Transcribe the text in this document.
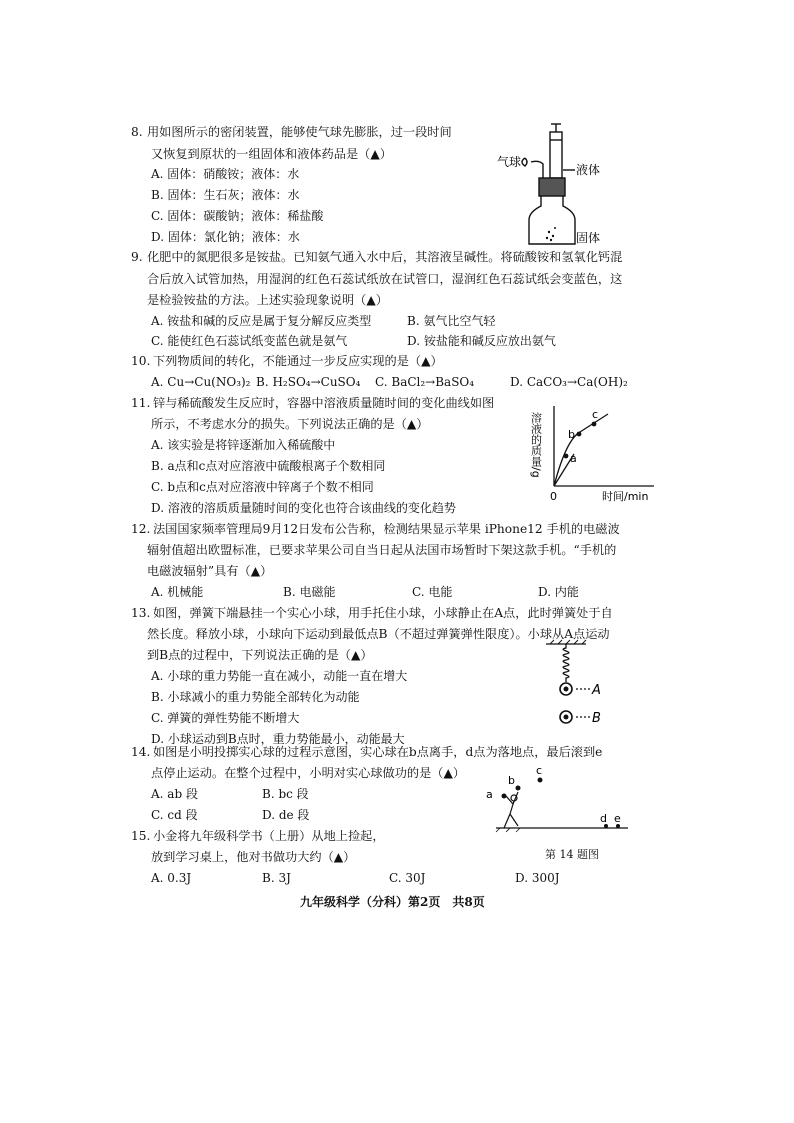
8. 用如图所示的密闭装置，能够使气球先膨胀，过一段时间
又恢复到原状的一组固体和液体药品是（▲）
A. 固体：硝酸铵；液体：水
B. 固体：生石灰；液体：水
C. 固体：碳酸钠；液体：稀盐酸
D. 固体：氯化钠；液体：水
气球
液体
固体
9. 化肥中的氮肥很多是铵盐。已知氨气通入水中后，其溶液呈碱性。将硫酸铵和氢氧化钙混
合后放入试管加热，用湿润的红色石蕊试纸放在试管口，湿润红色石蕊试纸会变蓝色，这
是检验铵盐的方法。上述实验现象说明（▲）
A. 铵盐和碱的反应是属于复分解反应类型	B. 氨气比空气轻
C. 能使红色石蕊试纸变蓝色就是氨气	D. 铵盐能和碱反应放出氨气
10. 下列物质间的转化，不能通过一步反应实现的是（▲）
A. Cu→Cu(NO₃)₂ B. H₂SO₄→CuSO₄ C. BaCl₂→BaSO₄	D. CaCO₃→Ca(OH)₂
11. 锌与稀硫酸发生反应时，容器中溶液质量随时间的变化曲线如图
所示，不考虑水分的损失。下列说法正确的是（▲）
A. 该实验是将锌逐渐加入稀硫酸中
B. a点和c点对应溶液中硫酸根离子个数相同
C. b点和c点对应溶液中锌离子个数不相同
D. 溶液的溶质质量随时间的变化也符合该曲线的变化趋势
溶液的质量/g
0	时间/min
a
b
c
12. 法国国家频率管理局9月12日发布公告称，检测结果显示苹果 iPhone12 手机的电磁波
辐射值超出欧盟标准，已要求苹果公司自当日起从法国市场暂时下架这款手机。“手机的
电磁波辐射”具有（▲）
A. 机械能	B. 电磁能	C. 电能	D. 内能
13. 如图，弹簧下端悬挂一个实心小球，用手托住小球，小球静止在A点，此时弹簧处于自
然长度。释放小球，小球向下运动到最低点B（不超过弹簧弹性限度）。小球从A点运动
到B点的过程中，下列说法正确的是（▲）
A. 小球的重力势能一直在减小，动能一直在增大
B. 小球减小的重力势能全部转化为动能
C. 弹簧的弹性势能不断增大
D. 小球运动到B点时，重力势能最小，动能最大
A
B
14. 如图是小明投掷实心球的过程示意图，实心球在b点离手，d点为落地点，最后滚到e
点停止运动。在整个过程中，小明对实心球做功的是（▲）
A. ab 段	B. bc 段
C. cd 段	D. de 段
a
b
c
d e
第 14 题图
15. 小金将九年级科学书（上册）从地上捡起，
放到学习桌上，他对书做功大约（▲）
A. 0.3J	B. 3J	C. 30J	D. 300J
九年级科学（分科）第2页　共8页
